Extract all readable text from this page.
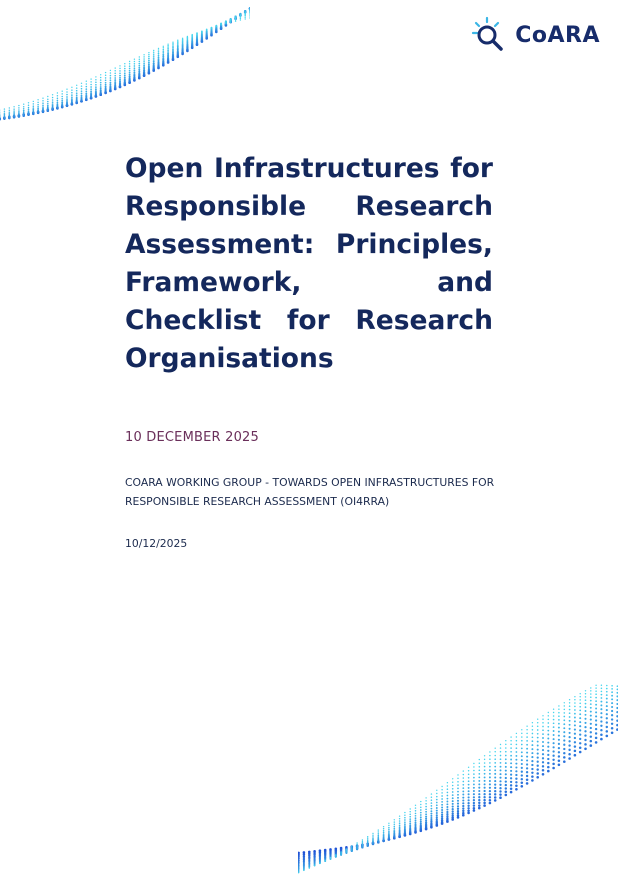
CoARA
Open Infrastructures for Responsible Research Assessment: Principles, Framework, and Checklist for Research Organisations
10 DECEMBER 2025

COARA WORKING GROUP - TOWARDS OPEN INFRASTRUCTURES FOR RESPONSIBLE RESEARCH ASSESSMENT (OI4RRA)

10/12/2025
